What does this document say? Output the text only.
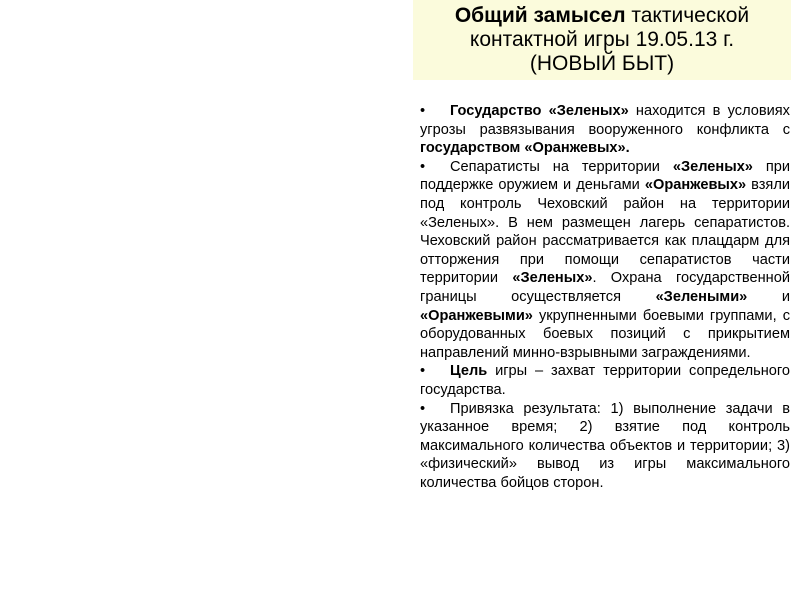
Общий замысел тактической контактной игры 19.05.13 г.
(НОВЫЙ БЫТ)

• Государство «Зеленых» находится в условиях угрозы развязывания вооруженного конфликта с государством «Оранжевых».

• Сепаратисты на территории «Зеленых» при поддержке оружием и деньгами «Оранжевых» взяли под контроль Чеховский район на территории «Зеленых». В нем размещен лагерь сепаратистов. Чеховский район рассматривается как плацдарм для отторжения при помощи сепаратистов части территории «Зеленых». Охрана государственной границы осуществляется «Зелеными» и «Оранжевыми» укрупненными боевыми группами, с оборудованных боевых позиций с прикрытием направлений минно-взрывными заграждениями.

• Цель игры – захват территории сопредельного государства.

• Привязка результата: 1) выполнение задачи в указанное время; 2) взятие под контроль максимального количества объектов и территории; 3) «физический» вывод из игры максимального количества бойцов сторон.
